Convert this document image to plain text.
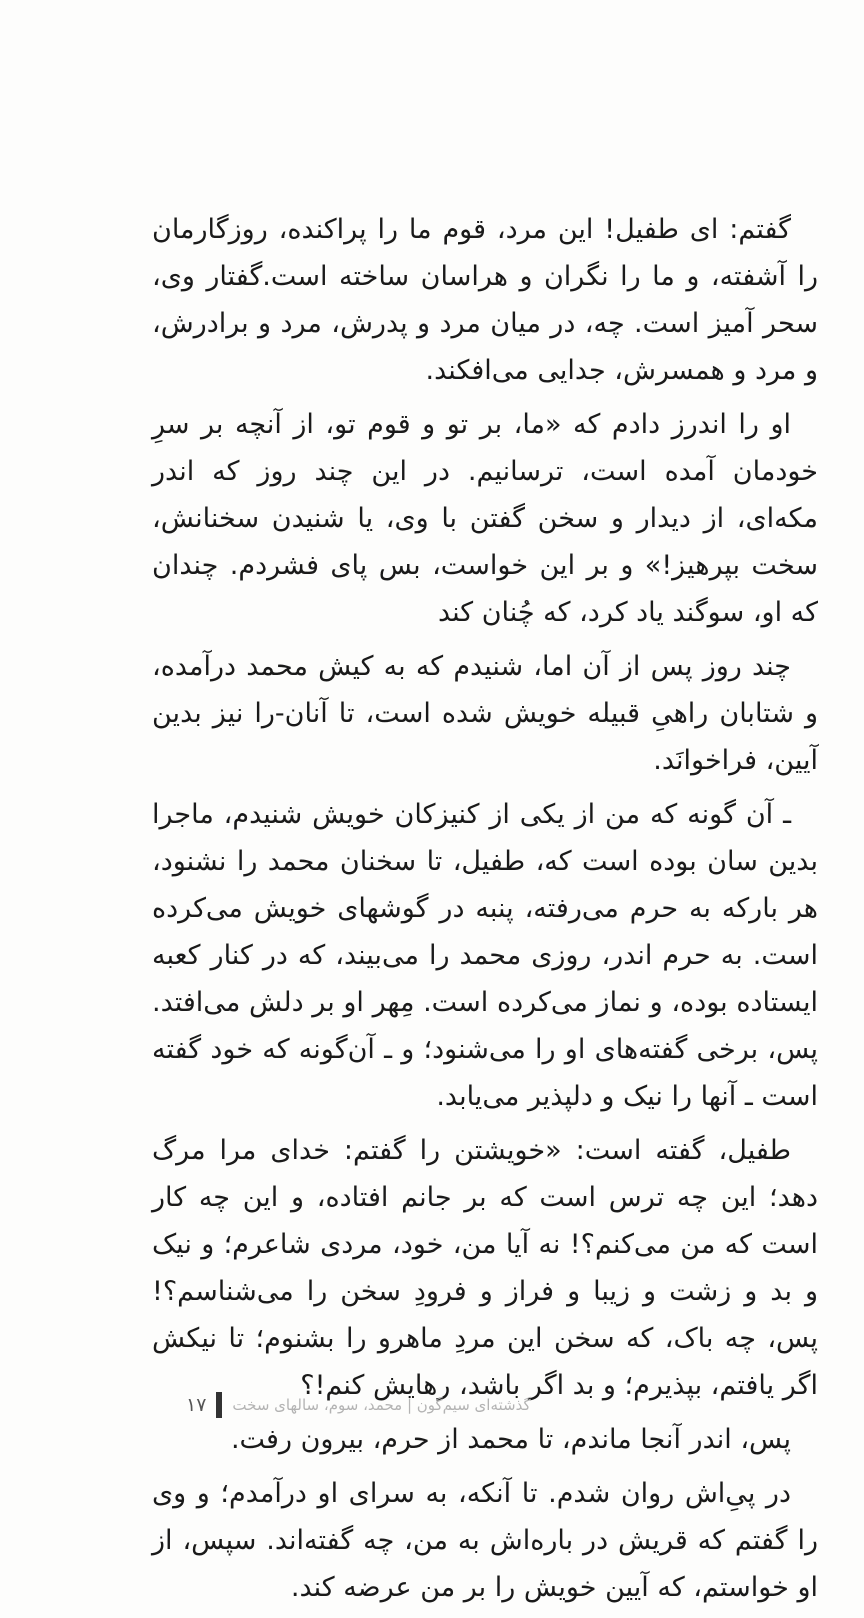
گفتم: ای طفیل! این مرد، قوم ما را پراکنده، روزگارمان را آشفته، و ما را نگران و هراسان ساخته است.گفتار وی، سحر آمیز است. چه، در میان مرد و پدرش، مرد و برادرش، و مرد و همسرش، جدایی می‌افکند.

او را اندرز دادم که «ما، بر تو و قوم تو، از آنچه بر سرِ خودمان آمده است، ترسانیم. در این چند روز که اندر مکه‌ای، از دیدار و سخن گفتن با وی، یا شنیدن سخنانش، سخت بپرهیز!» و بر این خواست، بس پای فشردم. چندان که او، سوگند یاد کرد، که چُنان کند

چند روز پس از آن اما، شنیدم که به کیش محمد درآمده، و شتابان راهیِ قبیله خویش شده است، تا آنان-را نیز بدین آیین، فراخوانَد.

ـ آن گونه که من از یکی از کنیزکان خویش شنیدم، ماجرا بدین سان بوده است که، طفیل، تا سخنان محمد را نشنود، هر بارکه به حرم می‌رفته، پنبه در گوشهای خویش می‌کرده است. به حرم اندر، روزی محمد را می‌بیند، که در کنار کعبه ایستاده بوده، و نماز می‌کرده است. مِهر او بر دلش می‌افتد. پس، برخی گفته‌های او را می‌شنود؛ و ـ آن‌گونه که خود گفته است ـ آنها را نیک و دلپذیر می‌یابد.

طفیل، گفته است: «خویشتن را گفتم: خدای مرا مرگ دهد؛ این چه ترس است که بر جانم افتاده، و این چه کار است که من می‌کنم؟! نه آیا من، خود، مردی شاعرم؛ و نیک و بد و زشت و زیبا و فراز و فرودِ سخن را می‌شناسم؟! پس، چه باک، که سخن این مردِ ماهرو را بشنوم؛ تا نیکش اگر یافتم، بپذیرم؛ و بد اگر باشد، رهایش کنم!؟

پس، اندر آنجا ماندم، تا محمد از حرم، بیرون رفت.

در پیِ‌اش روان شدم. تا آنکه، به سرای او درآمدم؛ و وی را گفتم که قریش در باره‌اش به من، چه گفته‌اند. سپس، از او خواستم، که آیین خویش را بر من عرضه کند.

۱۷ گذشته‌ای سیم‌گون | محمد، سوم، سالهای سخت
